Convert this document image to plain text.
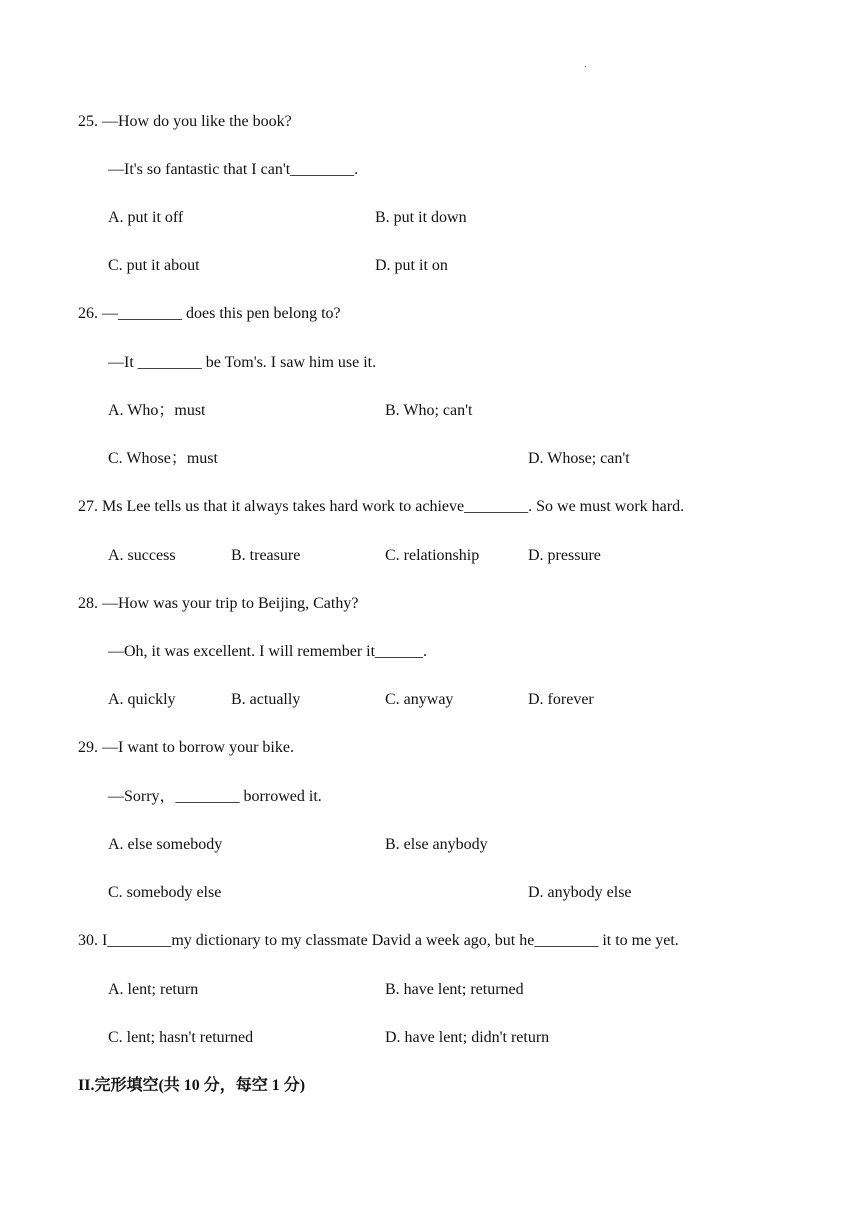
·
25. —How do you like the book?
—It's so fantastic that I can't________.
A. put it off	B. put it down
C. put it about	D. put it on
26. —________ does this pen belong to?
—It ________ be Tom's. I saw him use it.
A. Who；must	B. Who; can't
C. Whose；must	D. Whose; can't
27. Ms Lee tells us that it always takes hard work to achieve________. So we must work hard.
A. success	B. treasure	C. relationship	D. pressure
28. —How was your trip to Beijing, Cathy?
—Oh, it was excellent. I will remember it______.
A. quickly	B. actually	C. anyway	D. forever
29. —I want to borrow your bike.
—Sorry，________ borrowed it.
A. else somebody	B. else anybody
C. somebody else	D. anybody else
30. I________my dictionary to my classmate David a week ago, but he________ it to me yet.
A. lent; return	B. have lent; returned
C. lent; hasn't returned	D. have lent; didn't return
II.完形填空(共 10 分，每空 1 分)
